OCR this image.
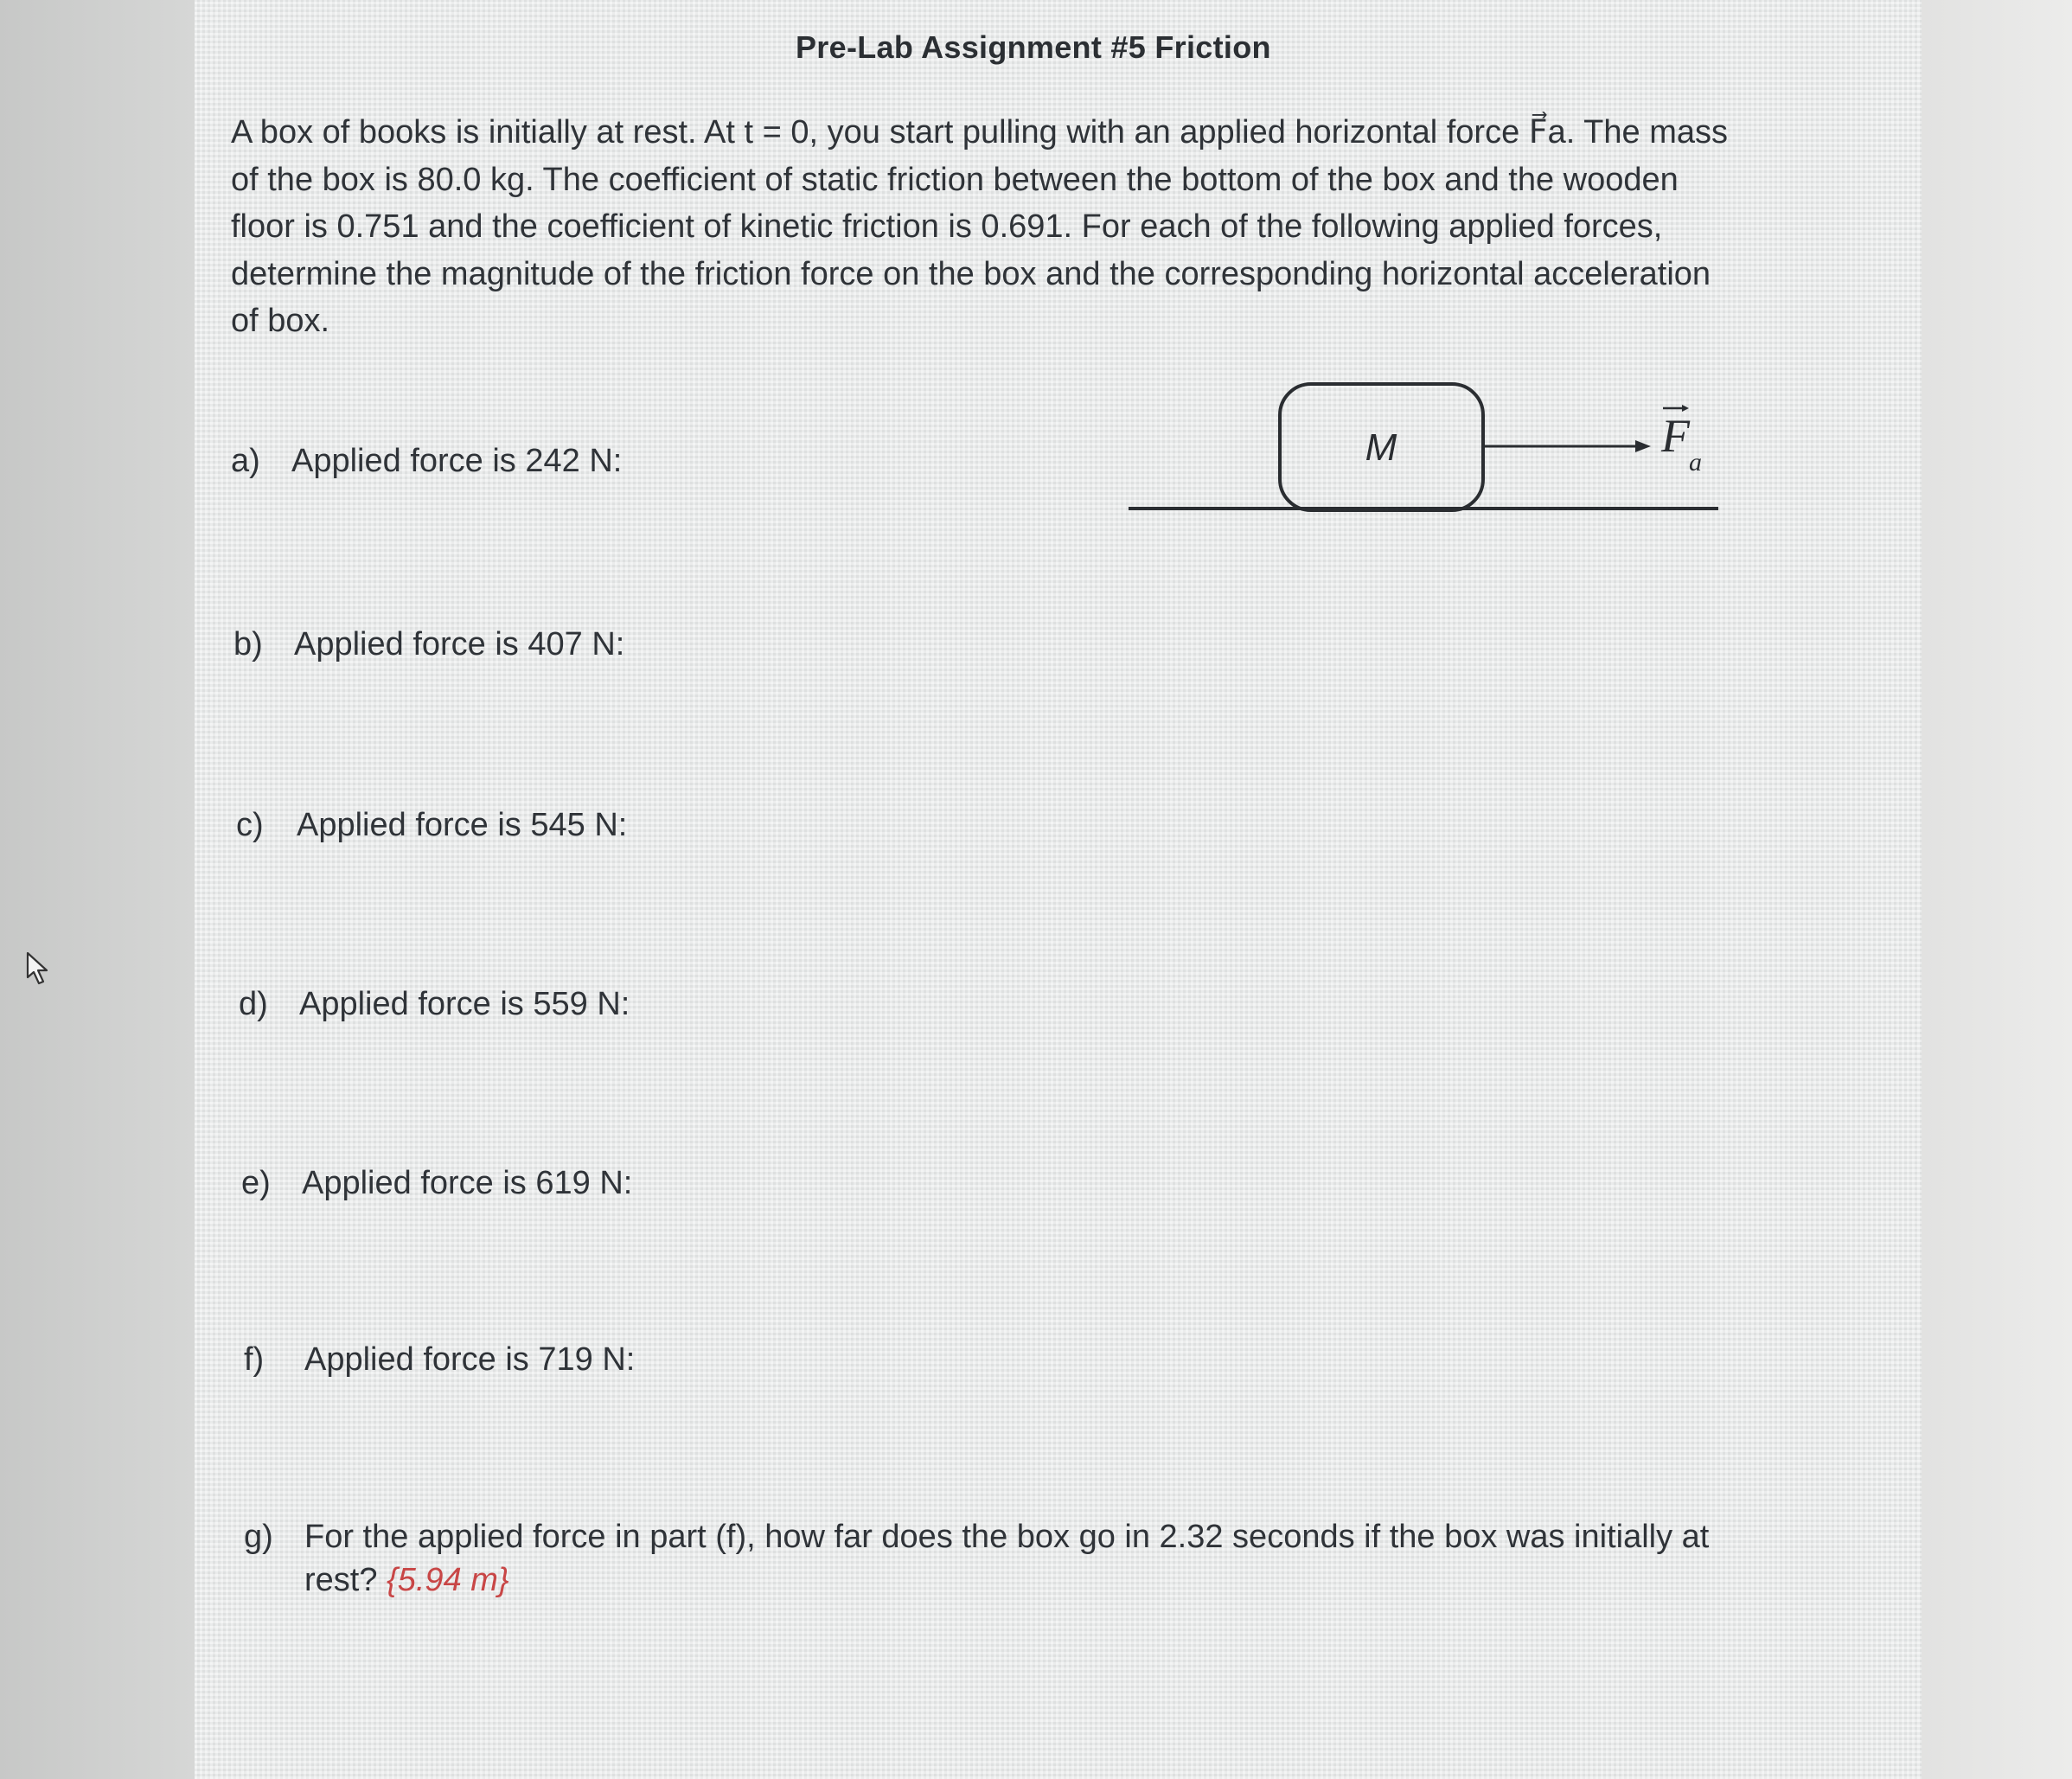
Pre-Lab Assignment #5 Friction
A box of books is initially at rest. At t = 0, you start pulling with an applied horizontal force F⃗a. The mass
of the box is 80.0 kg. The coefficient of static friction between the bottom of the box and the wooden
floor is 0.751 and the coefficient of kinetic friction is 0.691. For each of the following applied forces,
determine the magnitude of the friction force on the box and the corresponding horizontal acceleration
of box.
a) Applied force is 242 N:
b) Applied force is 407 N:
c) Applied force is 545 N:
d) Applied force is 559 N:
e) Applied force is 619 N:
f) Applied force is 719 N:
g) For the applied force in part (f), how far does the box go in 2.32 seconds if the box was initially at rest? {5.94 m}
M	F
a
